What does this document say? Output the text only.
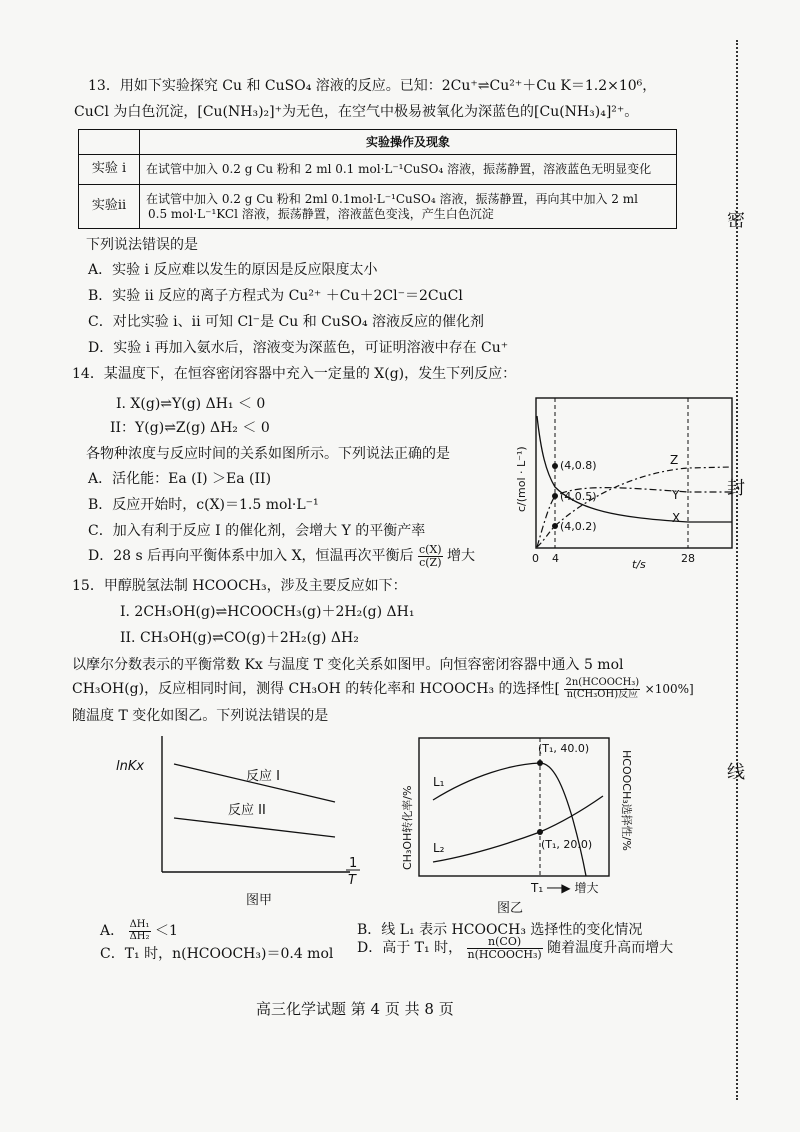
13．用如下实验探究 Cu 和 CuSO₄ 溶液的反应。已知：2Cu⁺⇌Cu²⁺＋Cu K＝1.2×10⁶，
CuCl 为白色沉淀，[Cu(NH₃)₂]⁺为无色，在空气中极易被氧化为深蓝色的[Cu(NH₃)₄]²⁺。
	实验操作及现象
实验 i	在试管中加入 0.2 g Cu 粉和 2 ml 0.1 mol·L⁻¹CuSO₄ 溶液，振荡静置，溶液蓝色无明显变化
实验ii	在试管中加入 0.2 g Cu 粉和 2ml 0.1mol·L⁻¹CuSO₄ 溶液，振荡静置，再向其中加入 2 ml
0.5 mol·L⁻¹KCl 溶液，振荡静置，溶液蓝色变浅，产生白色沉淀
下列说法错误的是
A．实验 i 反应难以发生的原因是反应限度太小
B．实验 ii 反应的离子方程式为 Cu²⁺ ＋Cu＋2Cl⁻＝2CuCl
C．对比实验 i、ii 可知 Cl⁻是 Cu 和 CuSO₄ 溶液反应的催化剂
D．实验 i 再加入氨水后，溶液变为深蓝色，可证明溶液中存在 Cu⁺
14．某温度下，在恒容密闭容器中充入一定量的 X(g)，发生下列反应：
I. X(g)⇌Y(g) ΔH₁ ＜ 0
II：Y(g)⇌Z(g) ΔH₂ ＜ 0
各物种浓度与反应时间的关系如图所示。下列说法正确的是
A．活化能：Ea (I) ＞Ea (II)
B．反应开始时，c(X)＝1.5 mol·L⁻¹
C．加入有利于反应 I 的催化剂，会增大 Y 的平衡产率
D．28 s 后再向平衡体系中加入 X，恒温再次平衡后 $\frac{c(X)}{c(Z)}$ 增大
(4,0.8)
(4,0.5)
(4,0.2)
Z
Y
X
0 4	28
t/s
c/(mol · L⁻¹)
15．甲醇脱氢法制 HCOOCH₃，涉及主要反应如下：
I. 2CH₃OH(g)⇌HCOOCH₃(g)＋2H₂(g) ΔH₁
II. CH₃OH(g)⇌CO(g)＋2H₂(g) ΔH₂
以摩尔分数表示的平衡常数 Kx 与温度 T 变化关系如图甲。向恒容密闭容器中通入 5 mol
CH₃OH(g)，反应相同时间，测得 CH₃OH 的转化率和 HCOOCH₃ 的选择性[ $\frac{\text{2n(HCOOCH₃)}}{\text{n(CH₃OH)反应}} \times 100\%$]
随温度 T 变化如图乙。下列说法错误的是
反应 I
反应 II
lnKx
1
T
图甲
L₁
L₂
(T₁, 40.0)
(T₁, 20.0)
CH₃OH转化率/%	HCOOCH₃选择性/%
T₁ ──▶ 增大
图乙
A． $\frac{\text{ΔH₁}}{\text{ΔH₂}} <1$	B．线 L₁ 表示 HCOOCH₃ 选择性的变化情况
C．T₁ 时，n(HCOOCH₃)＝0.4 mol D．高于 T₁ 时， $\frac{n(CO)}{\text{n(HCOOCH₃)}}$ 随着温度升高而增大
高三化学试题 第 4 页 共 8 页
密
封
线
